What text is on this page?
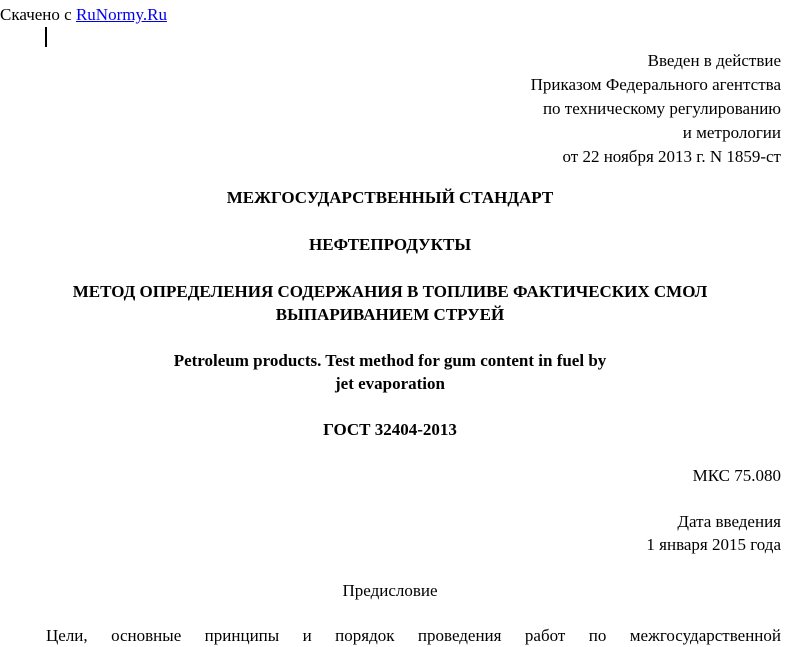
Скачено с RuNormy.Ru
Введен в действие
Приказом Федерального агентства
по техническому регулированию
и метрологии
от 22 ноября 2013 г. N 1859-ст
МЕЖГОСУДАРСТВЕННЫЙ СТАНДАРТ
НЕФТЕПРОДУКТЫ
МЕТОД ОПРЕДЕЛЕНИЯ СОДЕРЖАНИЯ В ТОПЛИВЕ ФАКТИЧЕСКИХ СМОЛ
ВЫПАРИВАНИЕМ СТРУЕЙ
Petroleum products. Test method for gum content in fuel by
jet evaporation
ГОСТ 32404-2013
МКС 75.080
Дата введения
1 января 2015 года
Предисловие
Цели, основные принципы и порядок проведения работ по межгосударственной
